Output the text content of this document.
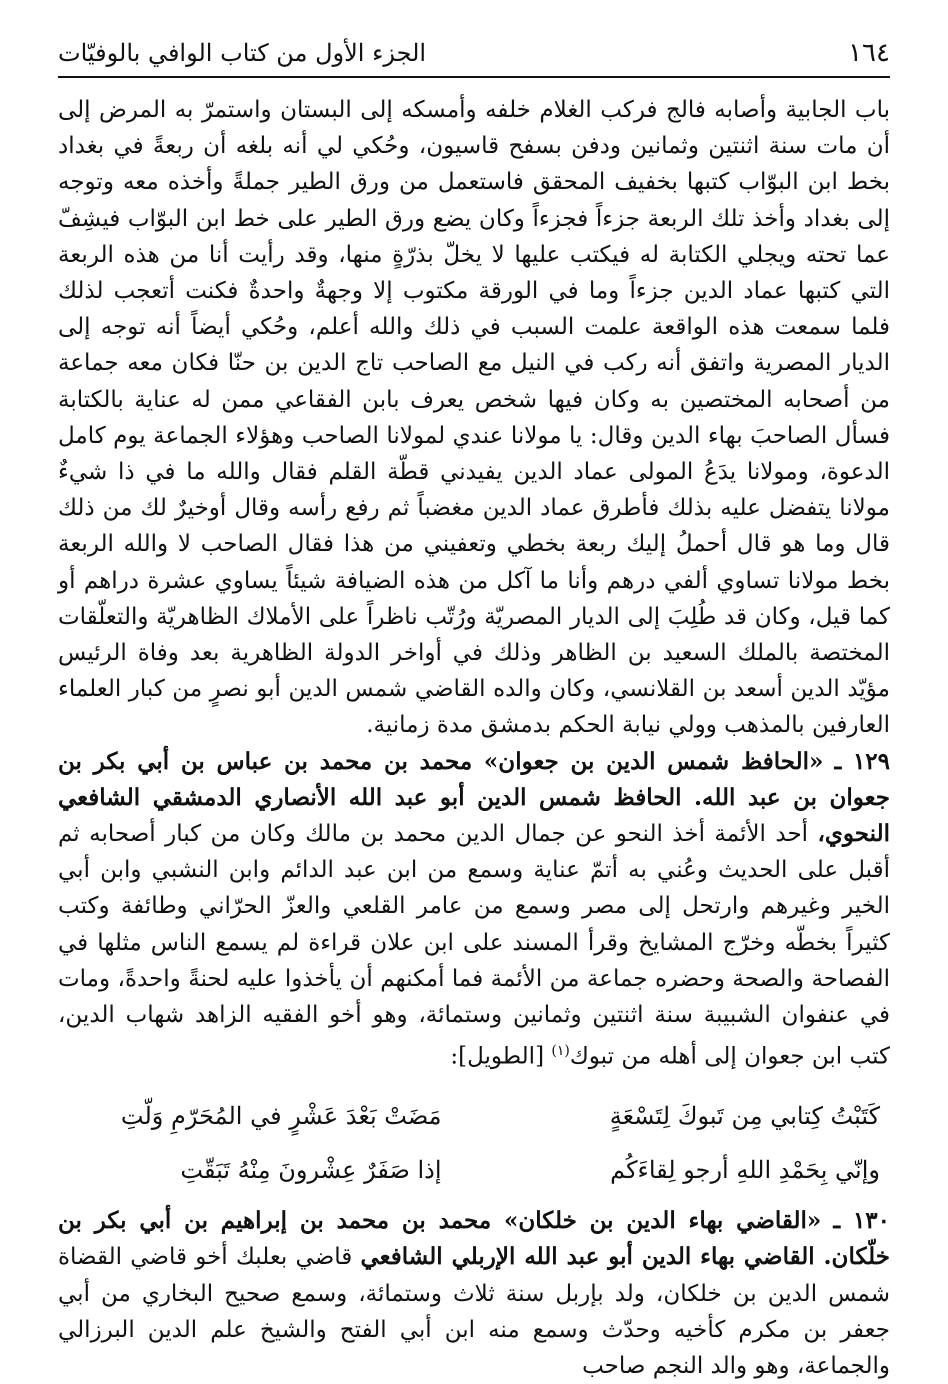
١٦٤
الجزء الأول من كتاب الوافي بالوفيّات

باب الجابية وأصابه فالج فركب الغلام خلفه وأمسكه إلى البستان واستمرّ به المرض إلى أن مات سنة اثنتين وثمانين ودفن بسفح قاسيون، وحُكي لي أنه بلغه أن ربعةً في بغداد بخط ابن البوّاب كتبها بخفيف المحقق فاستعمل من ورق الطير جملةً وأخذه معه وتوجه إلى بغداد وأخذ تلك الربعة جزءاً فجزءاً وكان يضع ورق الطير على خط ابن البوّاب فيشِفّ عما تحته ويجلي الكتابة له فيكتب عليها لا يخلّ بذرّةٍ منها، وقد رأيت أنا من هذه الربعة التي كتبها عماد الدين جزءاً وما في الورقة مكتوب إلا وجهةٌ واحدةٌ فكنت أتعجب لذلك فلما سمعت هذه الواقعة علمت السبب في ذلك والله أعلم، وحُكي أيضاً أنه توجه إلى الديار المصرية واتفق أنه ركب في النيل مع الصاحب تاج الدين بن حنّا فكان معه جماعة من أصحابه المختصين به وكان فيها شخص يعرف بابن الفقاعي ممن له عناية بالكتابة فسأل الصاحبَ بهاء الدين وقال: يا مولانا عندي لمولانا الصاحب وهؤلاء الجماعة يوم كامل الدعوة، ومولانا يدَعُ المولى عماد الدين يفيدني قطّة القلم فقال والله ما في ذا شيءٌ مولانا يتفضل عليه بذلك فأطرق عماد الدين مغضباً ثم رفع رأسه وقال أوخيرٌ لك من ذلك قال وما هو قال أحملُ إليك ربعة بخطي وتعفيني من هذا فقال الصاحب لا والله الربعة بخط مولانا تساوي ألفي درهم وأنا ما آكل من هذه الضيافة شيئاً يساوي عشرة دراهم أو كما قيل، وكان قد طُلِبَ إلى الديار المصريّة ورُتّب ناظراً على الأملاك الظاهريّة والتعلّقات المختصة بالملك السعيد بن الظاهر وذلك في أواخر الدولة الظاهرية بعد وفاة الرئيس مؤيّد الدين أسعد بن القلانسي، وكان والده القاضي شمس الدين أبو نصرٍ من كبار العلماء العارفين بالمذهب وولي نيابة الحكم بدمشق مدة زمانية.

١٢٩ ـ «الحافظ شمس الدين بن جعوان» محمد بن محمد بن عباس بن أبي بكر بن جعوان بن عبد الله. الحافظ شمس الدين أبو عبد الله الأنصاري الدمشقي الشافعي النحوي، أحد الأئمة أخذ النحو عن جمال الدين محمد بن مالك وكان من كبار أصحابه ثم أقبل على الحديث وعُني به أتمّ عناية وسمع من ابن عبد الدائم وابن النشبي وابن أبي الخير وغيرهم وارتحل إلى مصر وسمع من عامر القلعي والعزّ الحرّاني وطائفة وكتب كثيراً بخطّه وخرّج المشايخ وقرأ المسند على ابن علان قراءة لم يسمع الناس مثلها في الفصاحة والصحة وحضره جماعة من الأئمة فما أمكنهم أن يأخذوا عليه لحنةً واحدةً، ومات في عنفوان الشبيبة سنة اثنتين وثمانين وستمائة، وهو أخو الفقيه الزاهد شهاب الدين، كتب ابن جعوان إلى أهله من تبوك$^{(١)}$ [الطويل]:

كَتَبْتُ كِتابي مِن تَبوكَ لِتَسْعَةٍ
مَضَتْ بَعْدَ عَشْرٍ في المُحَرّمِ وَلّتِ
وإنّي بِحَمْدِ اللهِ أرجو لِقاءَكُم
إذا صَفَرٌ عِشْرونَ مِنْهُ تَبَقّتِ

١٣٠ ـ «القاضي بهاء الدين بن خلكان» محمد بن محمد بن إبراهيم بن أبي بكر بن خلّكان. القاضي بهاء الدين أبو عبد الله الإربلي الشافعي قاضي بعلبك أخو قاضي القضاة شمس الدين بن خلكان، ولد بإربل سنة ثلاث وستمائة، وسمع صحيح البخاري من أبي جعفر بن مكرم كأخيه وحدّث وسمع منه ابن أبي الفتح والشيخ علم الدين البرزالي والجماعة، وهو والد النجم صاحب
